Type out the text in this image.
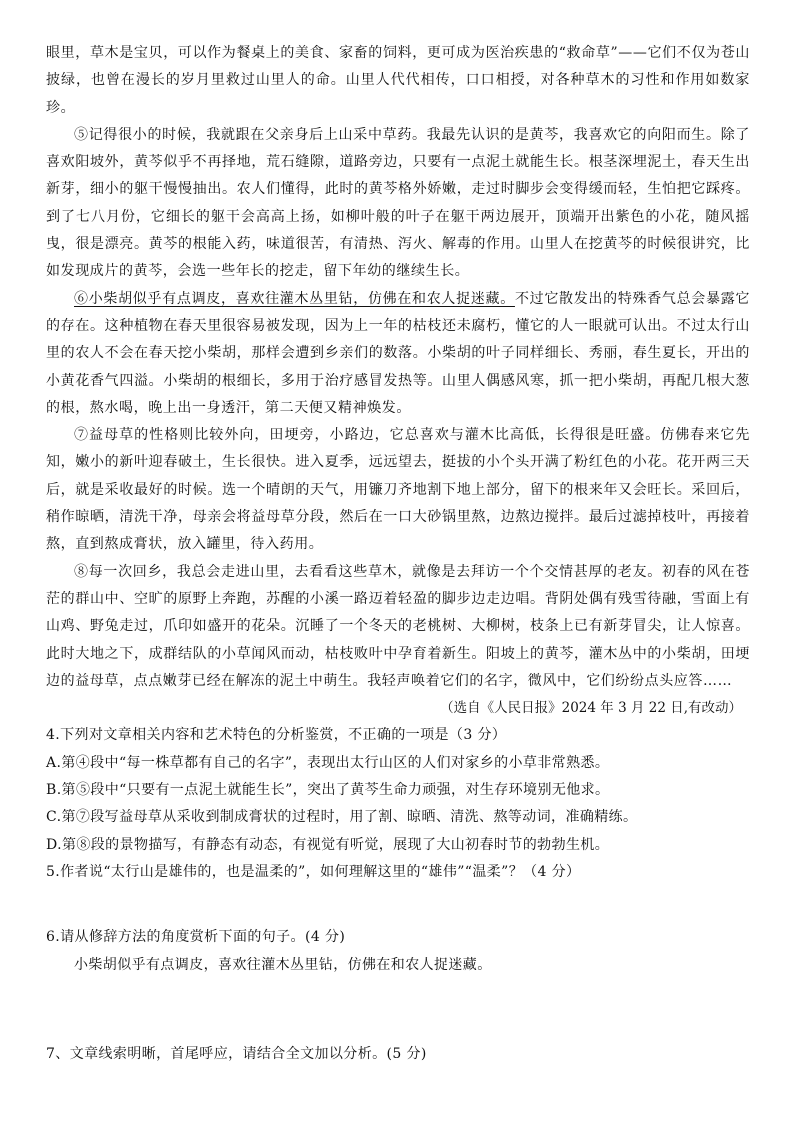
眼里，草木是宝贝，可以作为餐桌上的美食、家畜的饲料，更可成为医治疾患的“救命草”——它们不仅为苍山披绿，也曾在漫长的岁月里救过山里人的命。山里人代代相传，口口相授，对各种草木的习性和作用如数家珍。

⑤记得很小的时候，我就跟在父亲身后上山采中草药。我最先认识的是黄芩，我喜欢它的向阳而生。除了喜欢阳坡外，黄芩似乎不再择地，荒石缝隙，道路旁边，只要有一点泥土就能生长。根茎深埋泥土，春天生出新芽，细小的躯干慢慢抽出。农人们懂得，此时的黄芩格外娇嫩，走过时脚步会变得缓而轻，生怕把它踩疼。到了七八月份，它细长的躯干会高高上扬，如柳叶般的叶子在躯干两边展开，顶端开出紫色的小花，随风摇曳，很是漂亮。黄芩的根能入药，味道很苦，有清热、泻火、解毒的作用。山里人在挖黄芩的时候很讲究，比如发现成片的黄芩，会选一些年长的挖走，留下年幼的继续生长。

⑥小柴胡似乎有点调皮，喜欢往灌木丛里钻，仿佛在和农人捉迷藏。不过它散发出的特殊香气总会暴露它的存在。这种植物在春天里很容易被发现，因为上一年的枯枝还未腐朽，懂它的人一眼就可认出。不过太行山里的农人不会在春天挖小柴胡，那样会遭到乡亲们的数落。小柴胡的叶子同样细长、秀丽，春生夏长，开出的小黄花香气四溢。小柴胡的根细长，多用于治疗感冒发热等。山里人偶感风寒，抓一把小柴胡，再配几根大葱的根，熬水喝，晚上出一身透汗，第二天便又精神焕发。

⑦益母草的性格则比较外向，田埂旁，小路边，它总喜欢与灌木比高低，长得很是旺盛。仿佛春来它先知，嫩小的新叶迎春破土，生长很快。进入夏季，远远望去，挺拔的小个头开满了粉红色的小花。花开两三天后，就是采收最好的时候。选一个晴朗的天气，用镰刀齐地割下地上部分，留下的根来年又会旺长。采回后，稍作晾晒，清洗干净，母亲会将益母草分段，然后在一口大砂锅里熬，边熬边搅拌。最后过滤掉枝叶，再接着熬，直到熬成膏状，放入罐里，待入药用。

⑧每一次回乡，我总会走进山里，去看看这些草木，就像是去拜访一个个交情甚厚的老友。初春的风在苍茫的群山中、空旷的原野上奔跑，苏醒的小溪一路迈着轻盈的脚步边走边唱。背阴处偶有残雪待融，雪面上有山鸡、野兔走过，爪印如盛开的花朵。沉睡了一个冬天的老桃树、大柳树，枝条上已有新芽冒尖，让人惊喜。此时大地之下，成群结队的小草闻风而动，枯枝败叶中孕育着新生。阳坡上的黄芩，灌木丛中的小柴胡，田埂边的益母草，点点嫩芽已经在解冻的泥土中萌生。我轻声唤着它们的名字，微风中，它们纷纷点头应答……

（选自《人民日报》2024 年 3 月 22 日,有改动）

4.下列对文章相关内容和艺术特色的分析鉴赏，不正确的一项是（3 分）

A.第④段中“每一株草都有自己的名字”，表现出太行山区的人们对家乡的小草非常熟悉。

B.第⑤段中“只要有一点泥土就能生长”，突出了黄芩生命力顽强，对生存环境别无他求。

C.第⑦段写益母草从采收到制成膏状的过程时，用了割、晾晒、清洗、熬等动词，准确精练。

D.第⑧段的景物描写，有静态有动态，有视觉有听觉，展现了大山初春时节的勃勃生机。

5.作者说“太行山是雄伟的，也是温柔的”，如何理解这里的“雄伟”“温柔”？（4 分）

6.请从修辞方法的角度赏析下面的句子。(4 分)

小柴胡似乎有点调皮，喜欢往灌木丛里钻，仿佛在和农人捉迷藏。

7、文章线索明晰，首尾呼应，请结合全文加以分析。(5 分)
